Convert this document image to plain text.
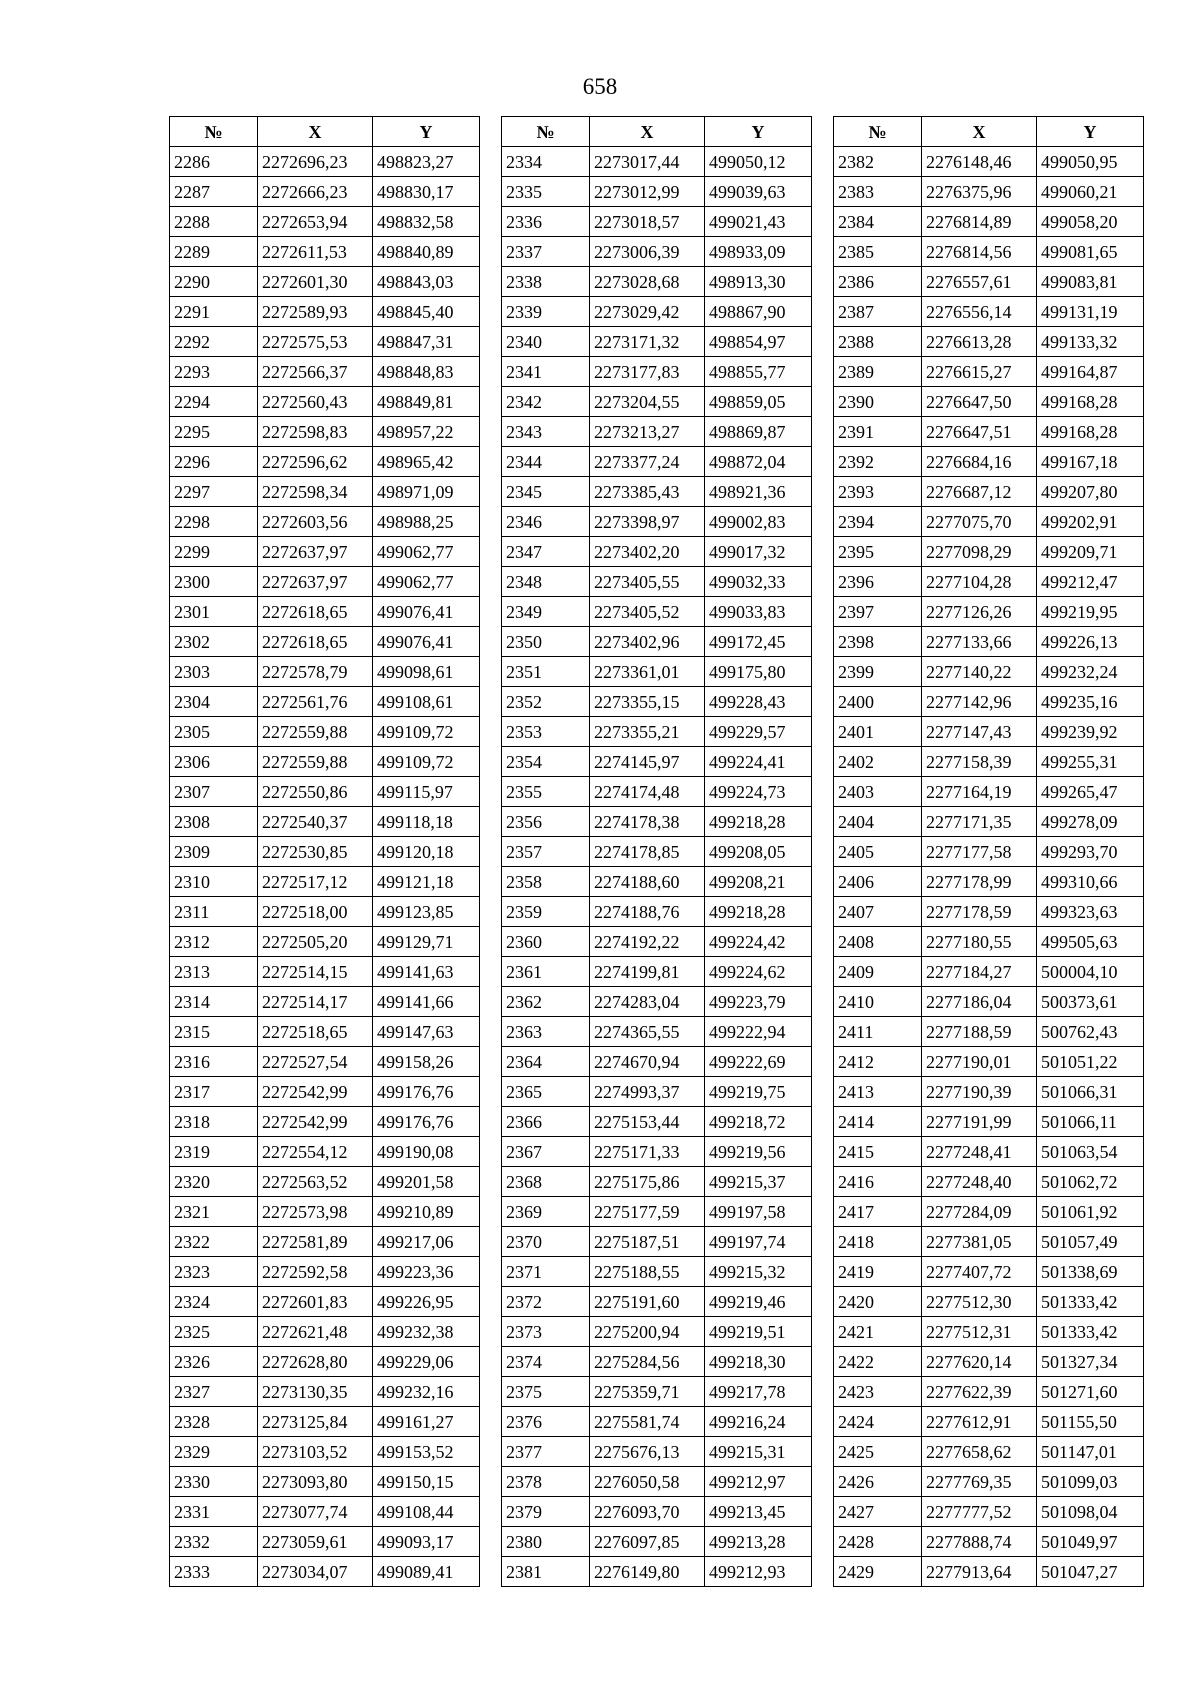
658
№	X	Y
2286	2272696,23	498823,27
2287	2272666,23	498830,17
2288	2272653,94	498832,58
2289	2272611,53	498840,89
2290	2272601,30	498843,03
2291	2272589,93	498845,40
2292	2272575,53	498847,31
2293	2272566,37	498848,83
2294	2272560,43	498849,81
2295	2272598,83	498957,22
2296	2272596,62	498965,42
2297	2272598,34	498971,09
2298	2272603,56	498988,25
2299	2272637,97	499062,77
2300	2272637,97	499062,77
2301	2272618,65	499076,41
2302	2272618,65	499076,41
2303	2272578,79	499098,61
2304	2272561,76	499108,61
2305	2272559,88	499109,72
2306	2272559,88	499109,72
2307	2272550,86	499115,97
2308	2272540,37	499118,18
2309	2272530,85	499120,18
2310	2272517,12	499121,18
2311	2272518,00	499123,85
2312	2272505,20	499129,71
2313	2272514,15	499141,63
2314	2272514,17	499141,66
2315	2272518,65	499147,63
2316	2272527,54	499158,26
2317	2272542,99	499176,76
2318	2272542,99	499176,76
2319	2272554,12	499190,08
2320	2272563,52	499201,58
2321	2272573,98	499210,89
2322	2272581,89	499217,06
2323	2272592,58	499223,36
2324	2272601,83	499226,95
2325	2272621,48	499232,38
2326	2272628,80	499229,06
2327	2273130,35	499232,16
2328	2273125,84	499161,27
2329	2273103,52	499153,52
2330	2273093,80	499150,15
2331	2273077,74	499108,44
2332	2273059,61	499093,17
2333	2273034,07	499089,41
№	X	Y
2334	2273017,44	499050,12
2335	2273012,99	499039,63
2336	2273018,57	499021,43
2337	2273006,39	498933,09
2338	2273028,68	498913,30
2339	2273029,42	498867,90
2340	2273171,32	498854,97
2341	2273177,83	498855,77
2342	2273204,55	498859,05
2343	2273213,27	498869,87
2344	2273377,24	498872,04
2345	2273385,43	498921,36
2346	2273398,97	499002,83
2347	2273402,20	499017,32
2348	2273405,55	499032,33
2349	2273405,52	499033,83
2350	2273402,96	499172,45
2351	2273361,01	499175,80
2352	2273355,15	499228,43
2353	2273355,21	499229,57
2354	2274145,97	499224,41
2355	2274174,48	499224,73
2356	2274178,38	499218,28
2357	2274178,85	499208,05
2358	2274188,60	499208,21
2359	2274188,76	499218,28
2360	2274192,22	499224,42
2361	2274199,81	499224,62
2362	2274283,04	499223,79
2363	2274365,55	499222,94
2364	2274670,94	499222,69
2365	2274993,37	499219,75
2366	2275153,44	499218,72
2367	2275171,33	499219,56
2368	2275175,86	499215,37
2369	2275177,59	499197,58
2370	2275187,51	499197,74
2371	2275188,55	499215,32
2372	2275191,60	499219,46
2373	2275200,94	499219,51
2374	2275284,56	499218,30
2375	2275359,71	499217,78
2376	2275581,74	499216,24
2377	2275676,13	499215,31
2378	2276050,58	499212,97
2379	2276093,70	499213,45
2380	2276097,85	499213,28
2381	2276149,80	499212,93
№	X	Y
2382	2276148,46	499050,95
2383	2276375,96	499060,21
2384	2276814,89	499058,20
2385	2276814,56	499081,65
2386	2276557,61	499083,81
2387	2276556,14	499131,19
2388	2276613,28	499133,32
2389	2276615,27	499164,87
2390	2276647,50	499168,28
2391	2276647,51	499168,28
2392	2276684,16	499167,18
2393	2276687,12	499207,80
2394	2277075,70	499202,91
2395	2277098,29	499209,71
2396	2277104,28	499212,47
2397	2277126,26	499219,95
2398	2277133,66	499226,13
2399	2277140,22	499232,24
2400	2277142,96	499235,16
2401	2277147,43	499239,92
2402	2277158,39	499255,31
2403	2277164,19	499265,47
2404	2277171,35	499278,09
2405	2277177,58	499293,70
2406	2277178,99	499310,66
2407	2277178,59	499323,63
2408	2277180,55	499505,63
2409	2277184,27	500004,10
2410	2277186,04	500373,61
2411	2277188,59	500762,43
2412	2277190,01	501051,22
2413	2277190,39	501066,31
2414	2277191,99	501066,11
2415	2277248,41	501063,54
2416	2277248,40	501062,72
2417	2277284,09	501061,92
2418	2277381,05	501057,49
2419	2277407,72	501338,69
2420	2277512,30	501333,42
2421	2277512,31	501333,42
2422	2277620,14	501327,34
2423	2277622,39	501271,60
2424	2277612,91	501155,50
2425	2277658,62	501147,01
2426	2277769,35	501099,03
2427	2277777,52	501098,04
2428	2277888,74	501049,97
2429	2277913,64	501047,27
